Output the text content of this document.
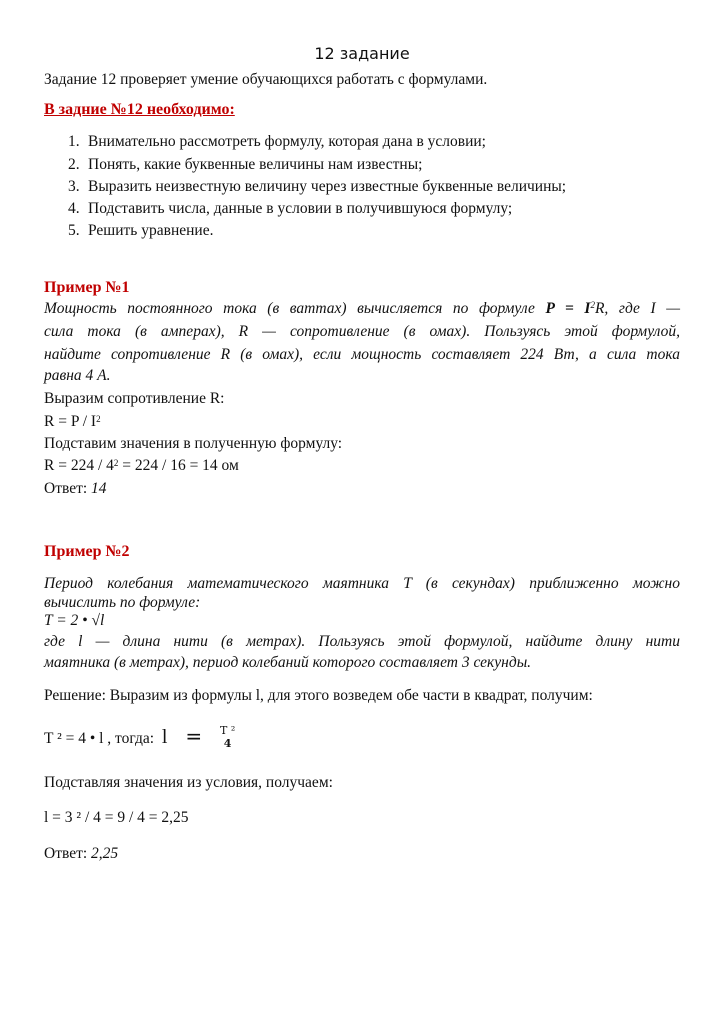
12 задание
Задание 12 проверяет умение обучающихся работать с формулами.
В задние №12 необходимо:
1. Внимательно рассмотреть формулу, которая дана в условии;
2. Понять, какие буквенные величины нам известны;
3. Выразить неизвестную величину через известные буквенные величины;
4. Подставить числа, данные в условии в получившуюся формулу;
5. Решить уравнение.
Пример №1
Мощность постоянного тока (в ваттах) вычисляется по формуле $P = I^2R$, где I —
сила тока (в амперах), R — сопротивление (в омах). Пользуясь этой формулой,
найдите сопротивление R (в омах), если мощность составляет 224 Вт, а сила тока
равна 4 А.
Выразим сопротивление R:
$R = P / I^2$
Подставим значения в полученную формулу:
$R = 224 / 4^2 = 224 / 16 = 14$ ом
Ответ: 14
Пример №2
Период колебания математического маятника T (в секундах) приближенно можно
вычислить по формуле:
T = 2 • √l
где l — длина нити (в метрах). Пользуясь этой формулой, найдите длину нити
маятника (в метрах), период колебаний которого составляет 3 секунды.
Решение: Выразим из формулы l, для этого возведем обе части в квадрат, получим:
T ² = 4 • l , тогда: l = T ²
4
Подставляя значения из условия, получаем:
l = 3 ² / 4 = 9 / 4 = 2,25
Ответ: 2,25
